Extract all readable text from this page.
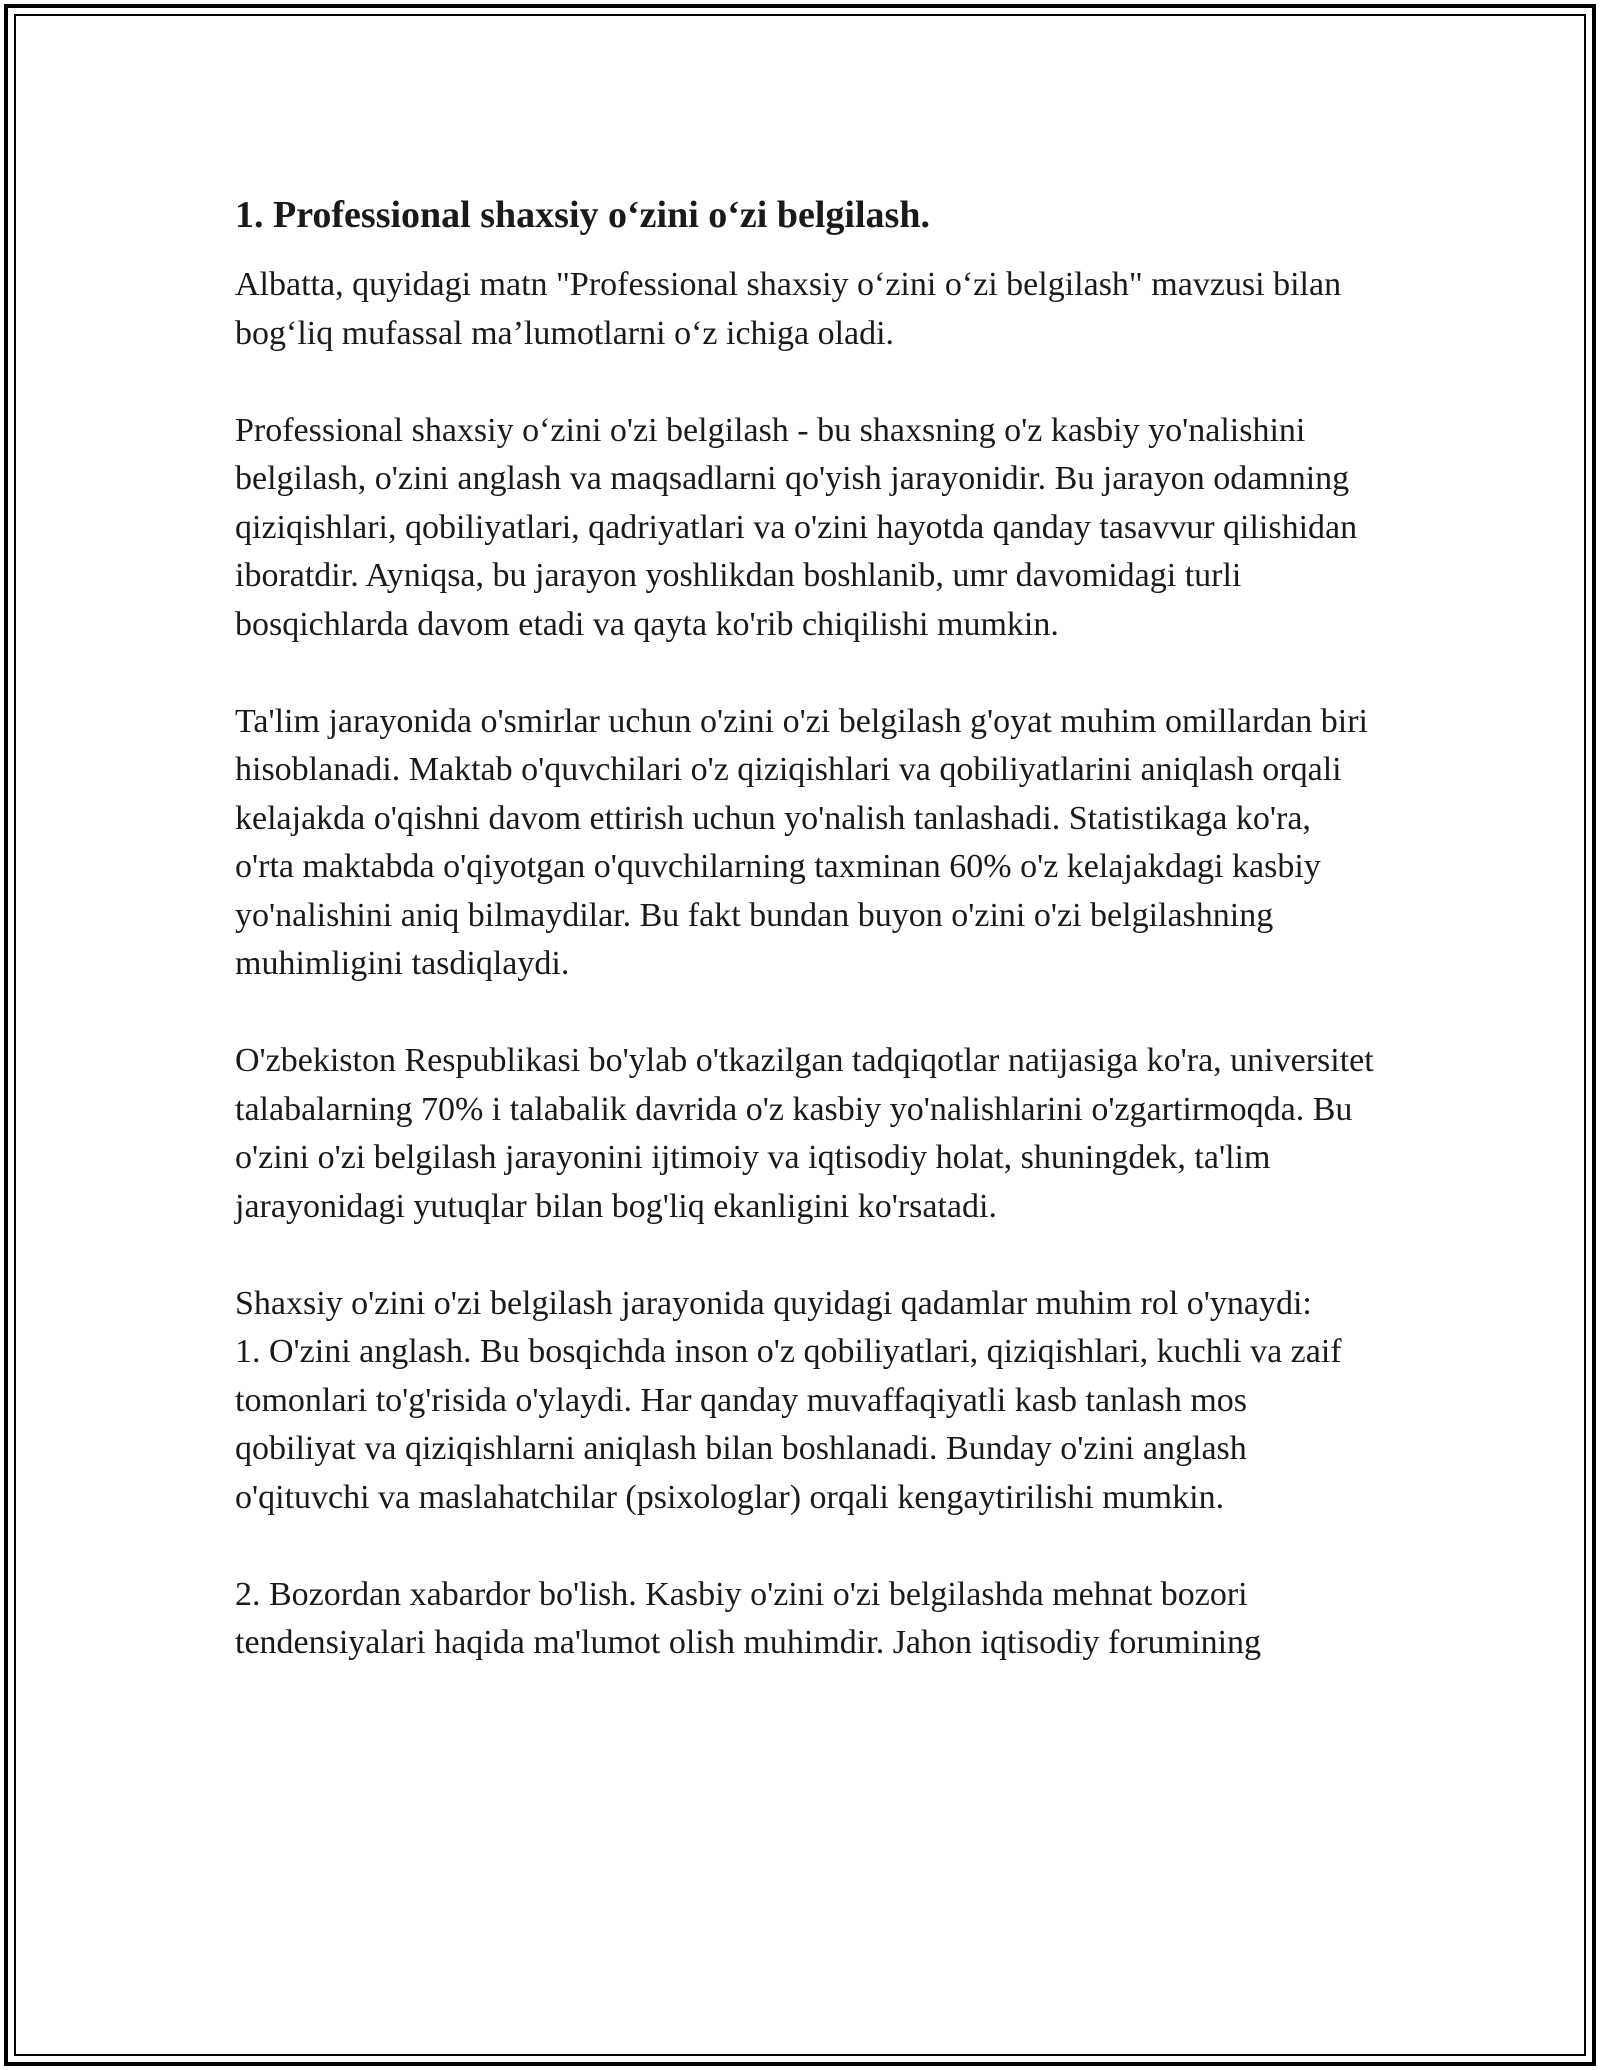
1. Professional shaxsiy o‘zini o‘zi belgilash.

Albatta, quyidagi matn "Professional shaxsiy o‘zini o‘zi belgilash" mavzusi bilan bog‘liq mufassal ma’lumotlarni o‘z ichiga oladi.

Professional shaxsiy o‘zini o'zi belgilash - bu shaxsning o'z kasbiy yo'nalishini belgilash, o'zini anglash va maqsadlarni qo'yish jarayonidir. Bu jarayon odamning qiziqishlari, qobiliyatlari, qadriyatlari va o'zini hayotda qanday tasavvur qilishidan iboratdir. Ayniqsa, bu jarayon yoshlikdan boshlanib, umr davomidagi turli bosqichlarda davom etadi va qayta ko'rib chiqilishi mumkin.

Ta'lim jarayonida o'smirlar uchun o'zini o'zi belgilash g'oyat muhim omillardan biri hisoblanadi. Maktab o'quvchilari o'z qiziqishlari va qobiliyatlarini aniqlash orqali kelajakda o'qishni davom ettirish uchun yo'nalish tanlashadi. Statistikaga ko'ra, o'rta maktabda o'qiyotgan o'quvchilarning taxminan 60% o'z kelajakdagi kasbiy yo'nalishini aniq bilmaydilar. Bu fakt bundan buyon o'zini o'zi belgilashning muhimligini tasdiqlaydi.

O'zbekiston Respublikasi bo'ylab o'tkazilgan tadqiqotlar natijasiga ko'ra, universitet talabalarning 70% i talabalik davrida o'z kasbiy yo'nalishlarini o'zgartirmoqda. Bu o'zini o'zi belgilash jarayonini ijtimoiy va iqtisodiy holat, shuningdek, ta'lim jarayonidagi yutuqlar bilan bog'liq ekanligini ko'rsatadi.

Shaxsiy o'zini o'zi belgilash jarayonida quyidagi qadamlar muhim rol o'ynaydi:

1. O'zini anglash. Bu bosqichda inson o'z qobiliyatlari, qiziqishlari, kuchli va zaif tomonlari to'g'risida o'ylaydi. Har qanday muvaffaqiyatli kasb tanlash mos qobiliyat va qiziqishlarni aniqlash bilan boshlanadi. Bunday o'zini anglash o'qituvchi va maslahatchilar (psixologlar) orqali kengaytirilishi mumkin.

2. Bozordan xabardor bo'lish. Kasbiy o'zini o'zi belgilashda mehnat bozori tendensiyalari haqida ma'lumot olish muhimdir. Jahon iqtisodiy forumining
